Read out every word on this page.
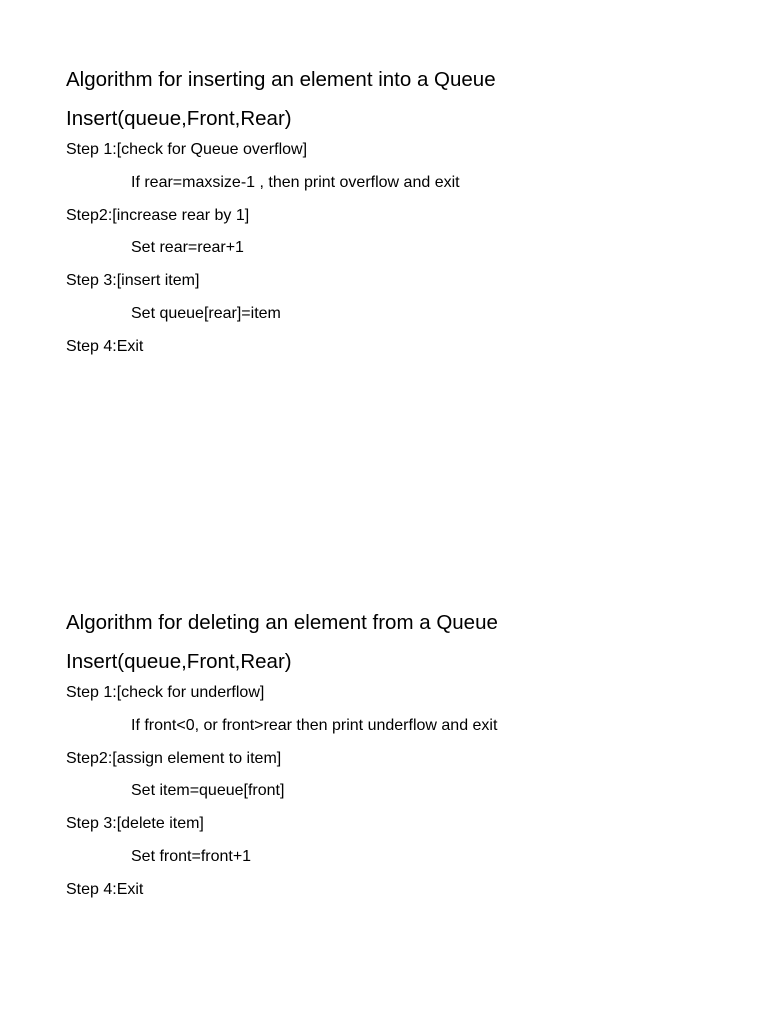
Algorithm for inserting an element into a Queue
Insert(queue,Front,Rear)
Step 1:[check for Queue overflow]
If rear=maxsize-1 , then print overflow and exit
Step2:[increase rear by 1]
Set rear=rear+1
Step 3:[insert item]
Set queue[rear]=item
Step 4:Exit
Algorithm for deleting an element from a Queue
Insert(queue,Front,Rear)
Step 1:[check for underflow]
If front<0, or front>rear then print underflow and exit
Step2:[assign element to item]
Set item=queue[front]
Step 3:[delete item]
Set front=front+1
Step 4:Exit
